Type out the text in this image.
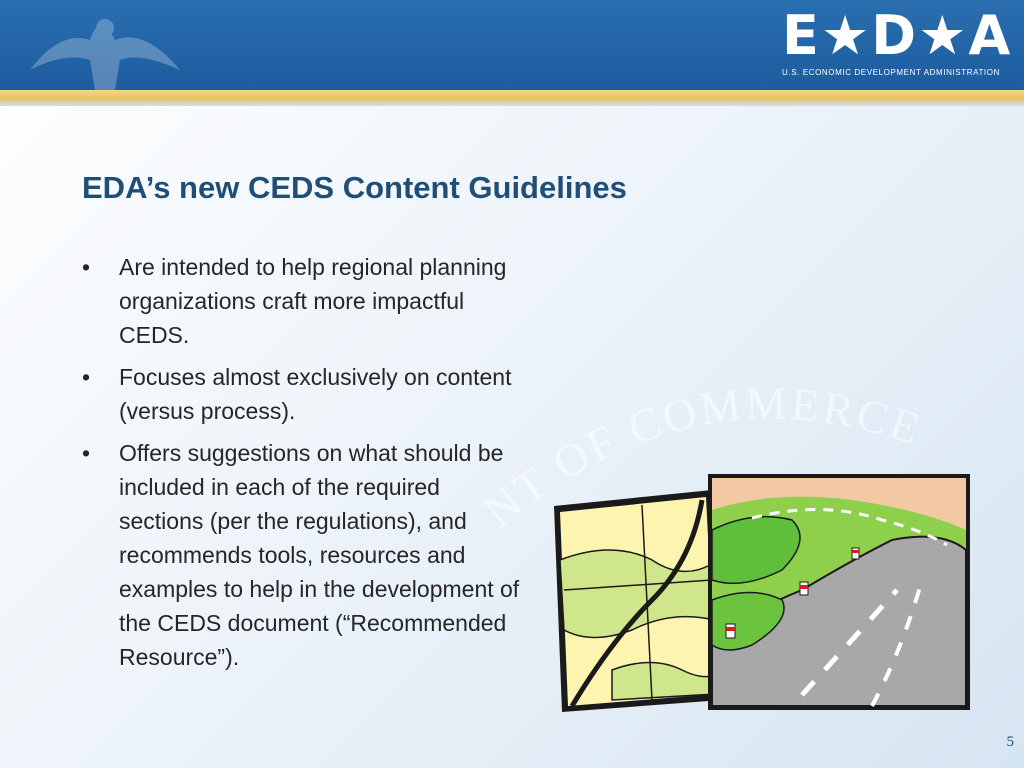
E★D★A
U.S. ECONOMIC DEVELOPMENT ADMINISTRATION
NT OF COMMERCE
EDA’s new CEDS Content Guidelines
• Are intended to help regional planning organizations craft more impactful CEDS.
• Focuses almost exclusively on content (versus process).
• Offers suggestions on what should be included in each of the required sections (per the regulations), and recommends tools, resources and examples to help in the development of the CEDS document (“Recommended Resource”).
5
